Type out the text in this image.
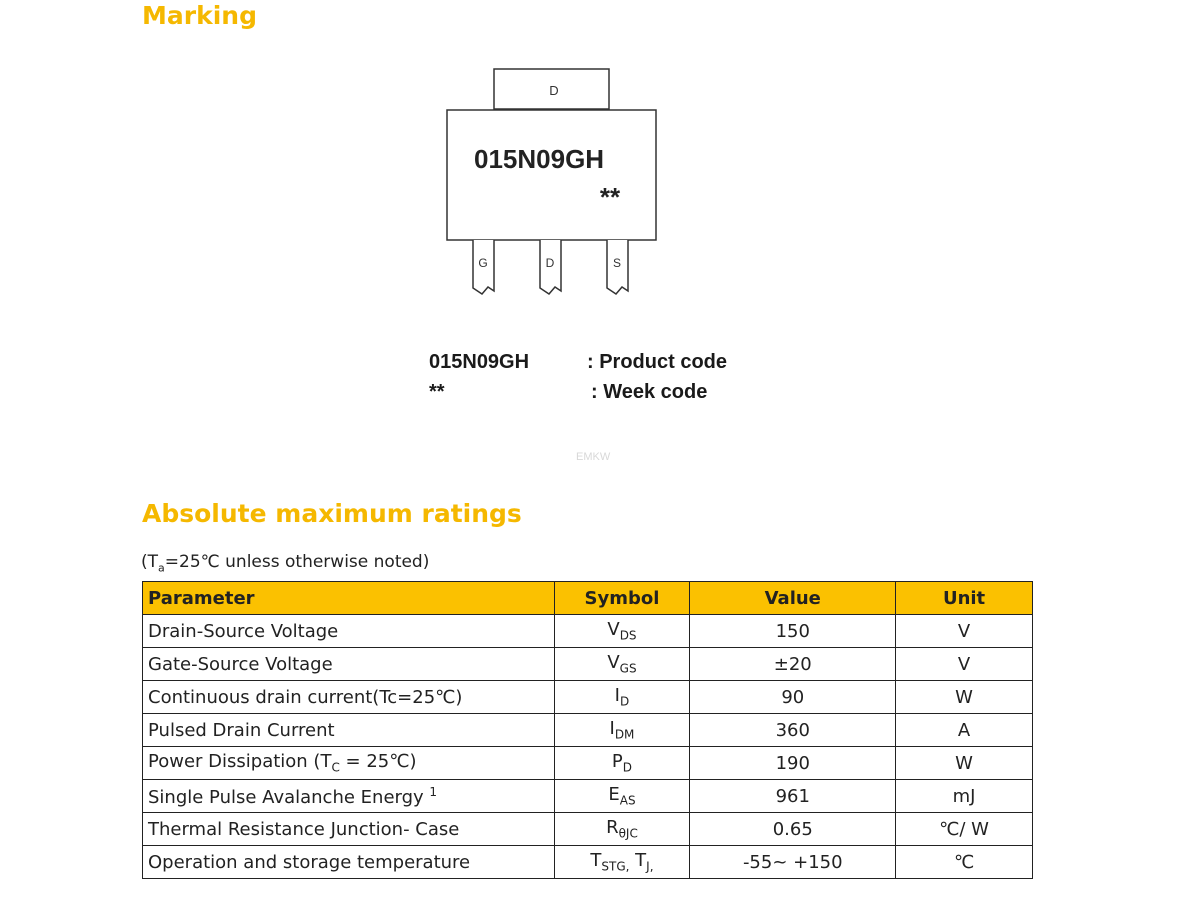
Marking
D
015N09GH
**
G	D	S
015N09GH	: Product code
**	: Week code
EMKW
Absolute maximum ratings
($T_a=25℃$ unless otherwise noted)
Parameter	Symbol	Value	Unit
Drain-Source Voltage	$V_{DS}$	150	V
Gate-Source Voltage	$V_{GS}$	±20	V
Continuous drain current(Tc=25℃)	$I_D$	90	W
Pulsed Drain Current	$I_{DM}$	360	A
Power Dissipation ($T_C$ = 25℃)	$P_D$	190	W
Single Pulse Avalanche Energy $^1$	$E_{AS}$	961	mJ
Thermal Resistance Junction- Case	$R_{\theta JC}$	0.65	℃/ W
Operation and storage temperature	$T_{STG,}$ $T_{J,}$	-55~ +150	℃
